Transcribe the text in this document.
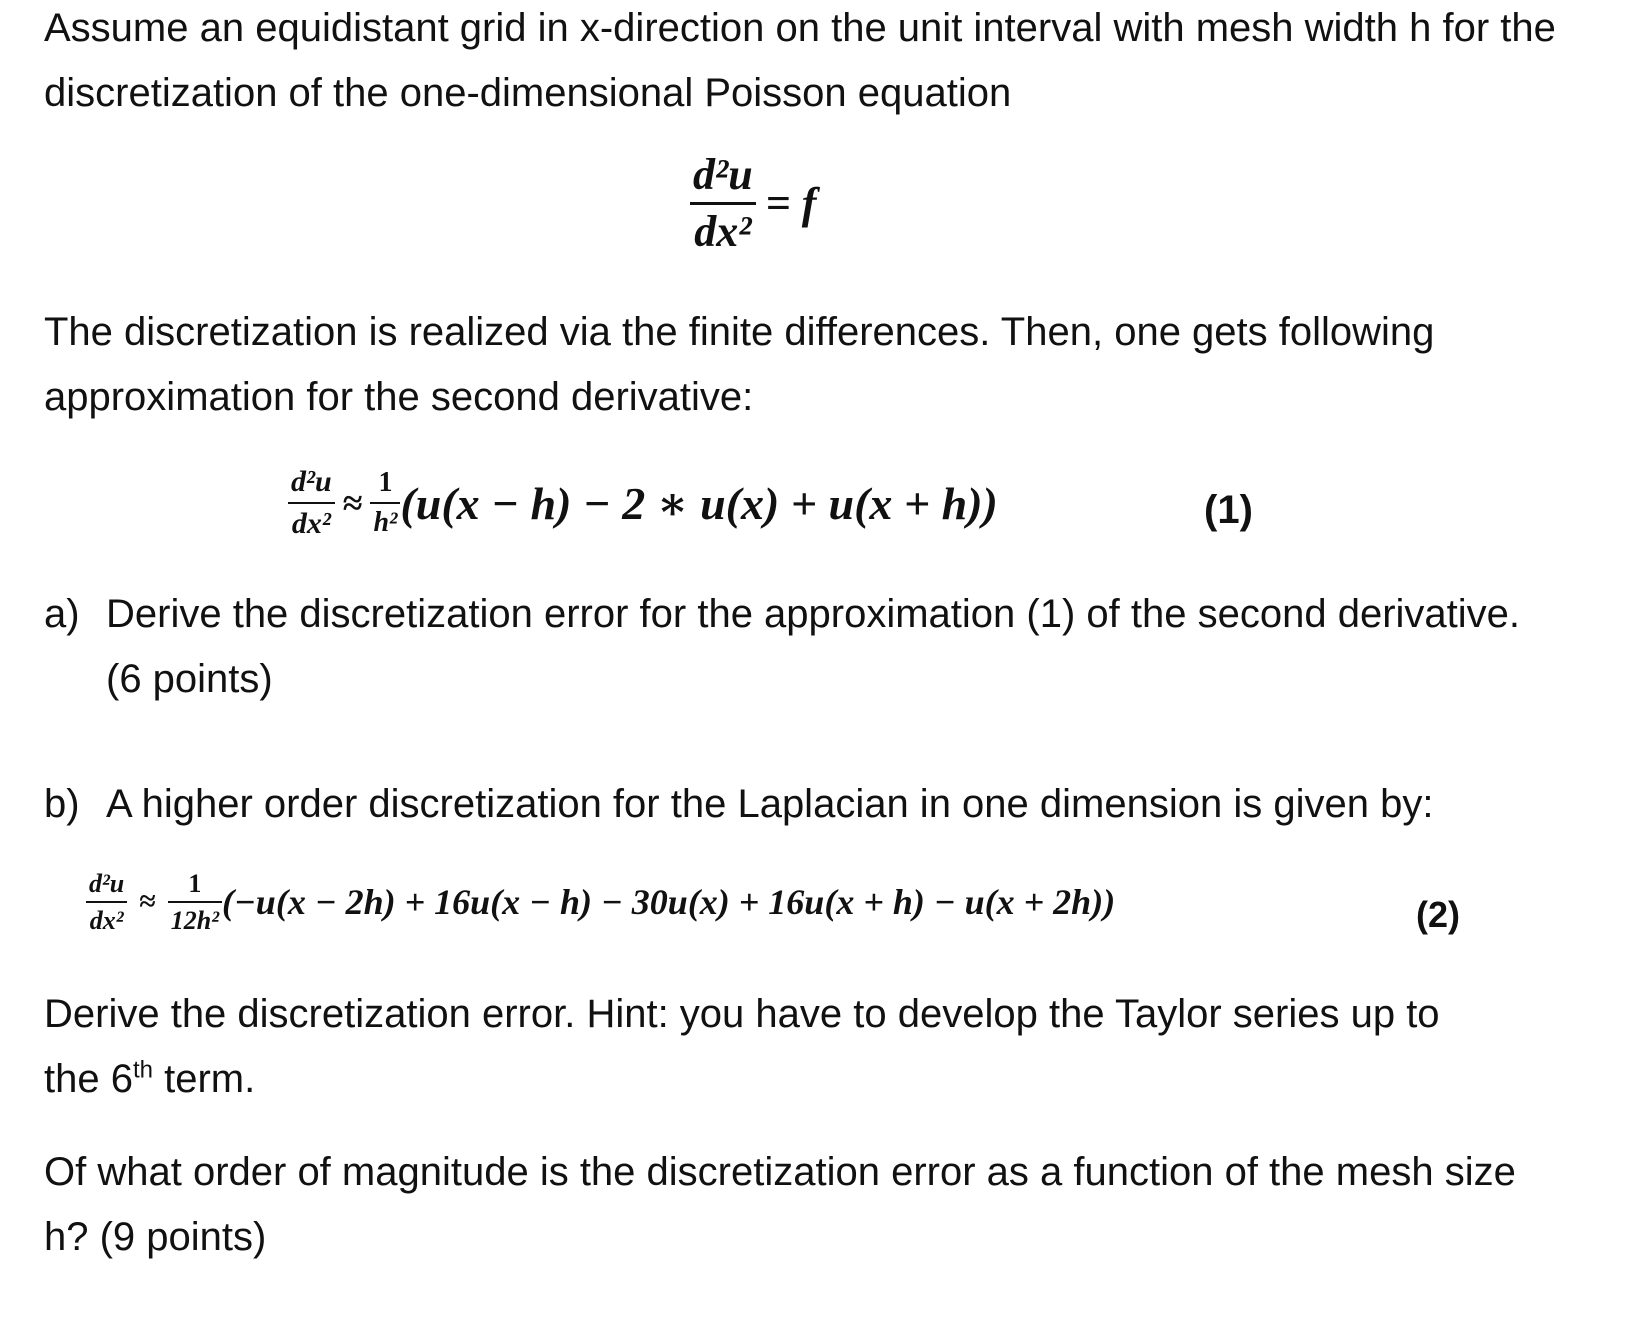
Assume an equidistant grid in x-direction on the unit interval with mesh width h for the discretization of the one-dimensional Poisson equation

$\frac{\text{d²u}}{\text{dx²}} = f$

The discretization is realized via the finite differences. Then, one gets following approximation for the second derivative:

$\frac{\text{d²u}}{\text{dx²}} \approx \frac{1}{\text{h²}} (u(x - h) - 2$ ∗ u(x) + u(x + h))	(1)
a) Derive the discretization error for the approximation (1) of the second derivative. (6 points)
b) A higher order discretization for the Laplacian in one dimension is given by:
$\frac{\text{d²u}}{\text{dx²}} \approx \frac{1}{\text{12h²}} (-u(x - 2h) + 16u(x - h) - 30u(x) + 16u(x + h) - u(x + 2h))$	(2)

Derive the discretization error. Hint: you have to develop the Taylor series up to the 6th term.

Of what order of magnitude is the discretization error as a function of the mesh size h? (9 points)
